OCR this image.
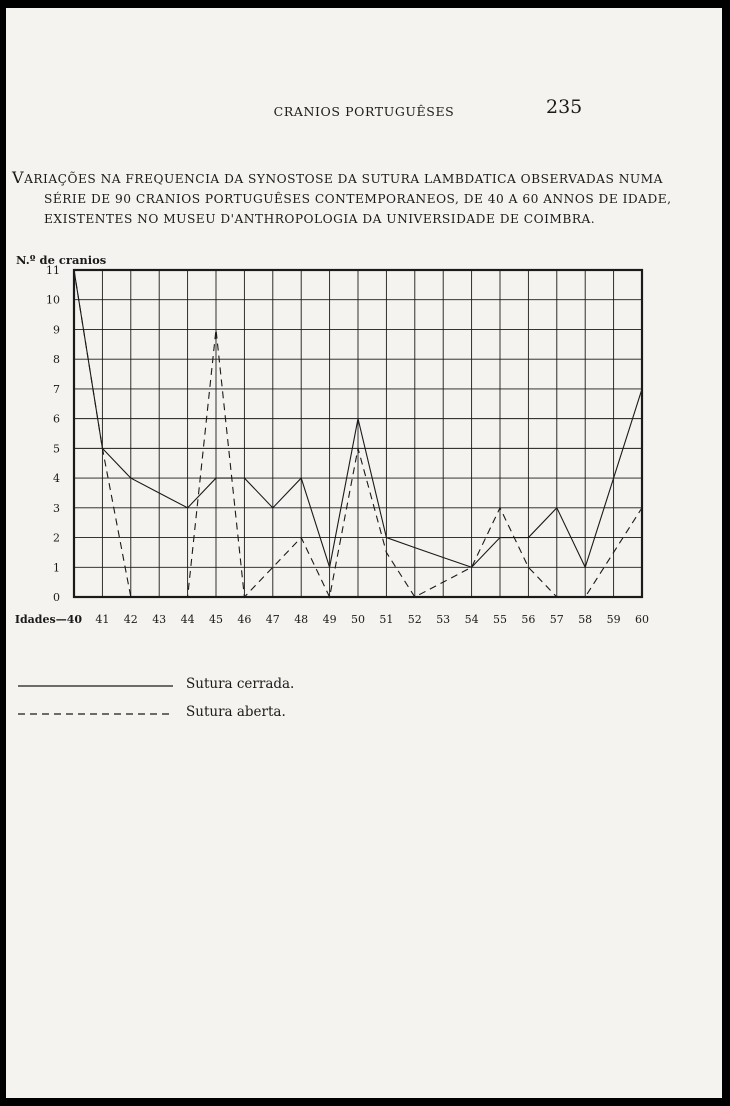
CRANIOS PORTUGUÊSES	235
VARIAÇÕES NA FREQUENCIA DA SYNOSTOSE DA SUTURA LAMBDATICA OBSERVADAS NUMA
SÉRIE DE 90 CRANIOS PORTUGUÊSES CONTEMPORANEOS, DE 40 A 60 ANNOS DE IDADE,
EXISTENTES NO MUSEU D'ANTHROPOLOGIA DA UNIVERSIDADE DE COIMBRA.
N.º de cranios
0
1
2
3
4
5
6
7
8
9
10
11
Idades—40 41 42 43 44 45 46 47 48 49 50 51 52 53 54 55 56 57 58 59 60
Sutura cerrada.
Sutura aberta.
